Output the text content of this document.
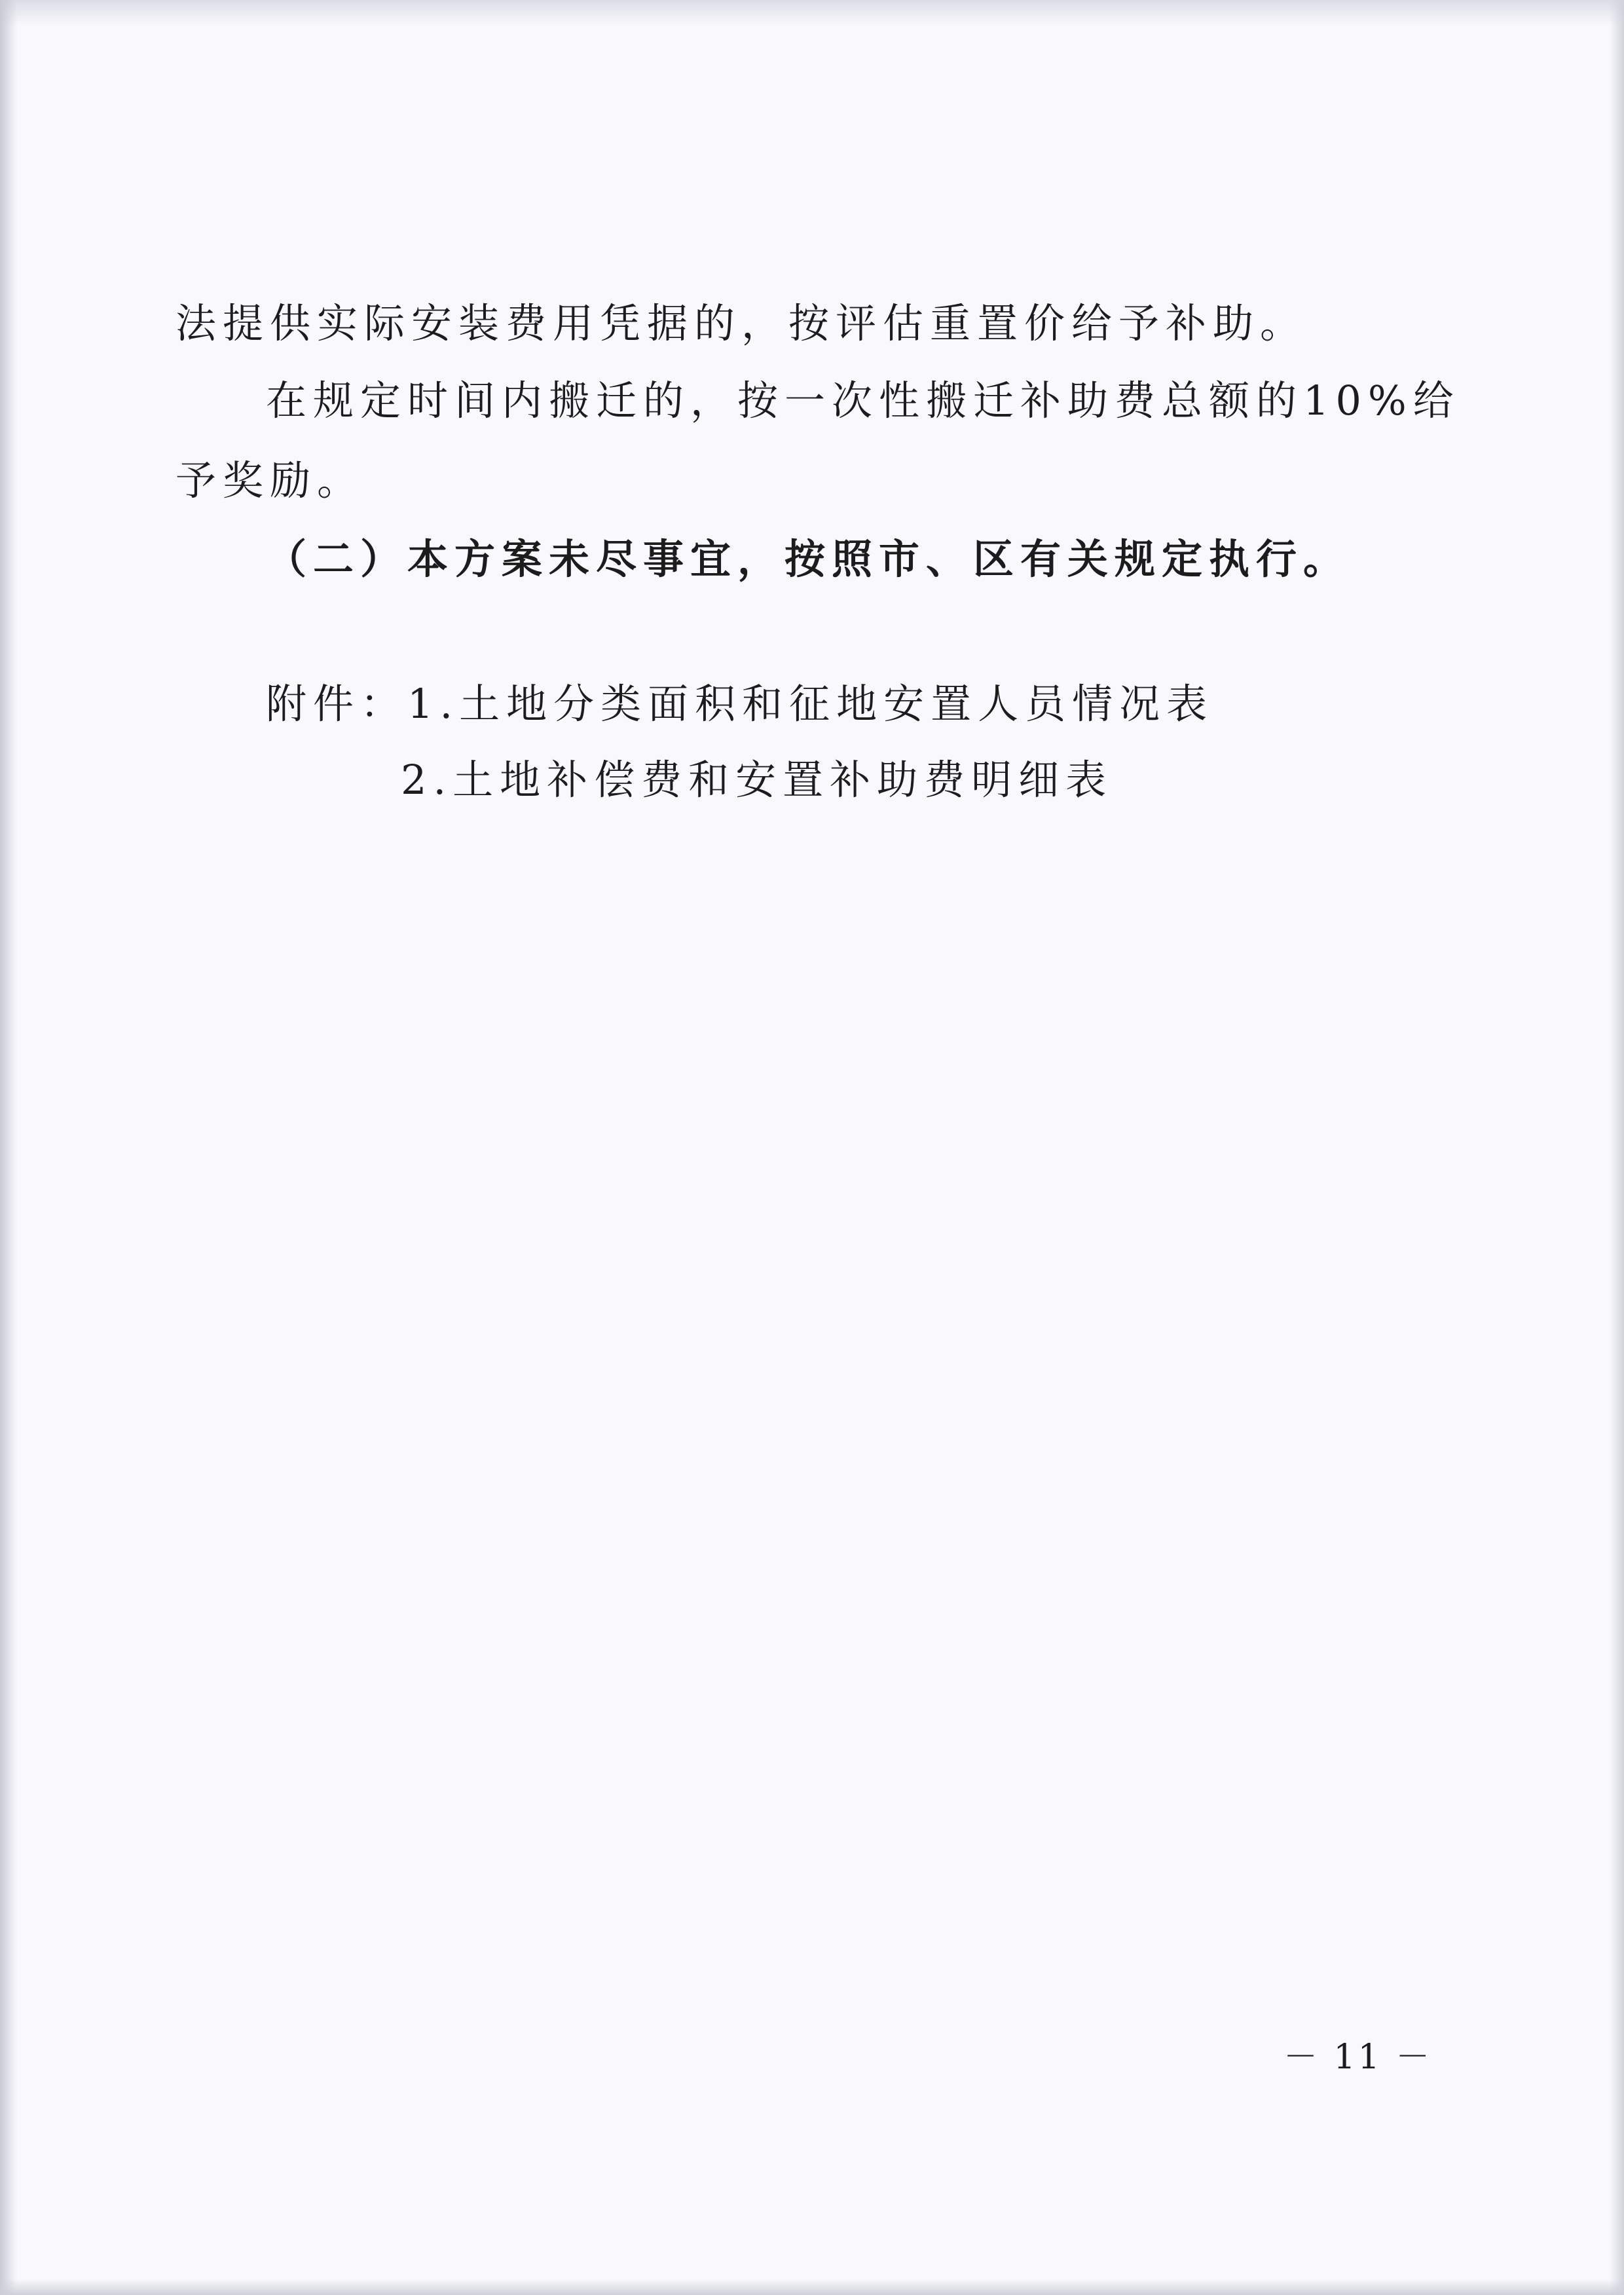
法提供实际安装费用凭据的，按评估重置价给予补助。
在规定时间内搬迁的，按一次性搬迁补助费总额的10%给
予奖励。
（二）本方案未尽事宜，按照市、区有关规定执行。
附件：1.土地分类面积和征地安置人员情况表
2.土地补偿费和安置补助费明细表
－ 11 －
